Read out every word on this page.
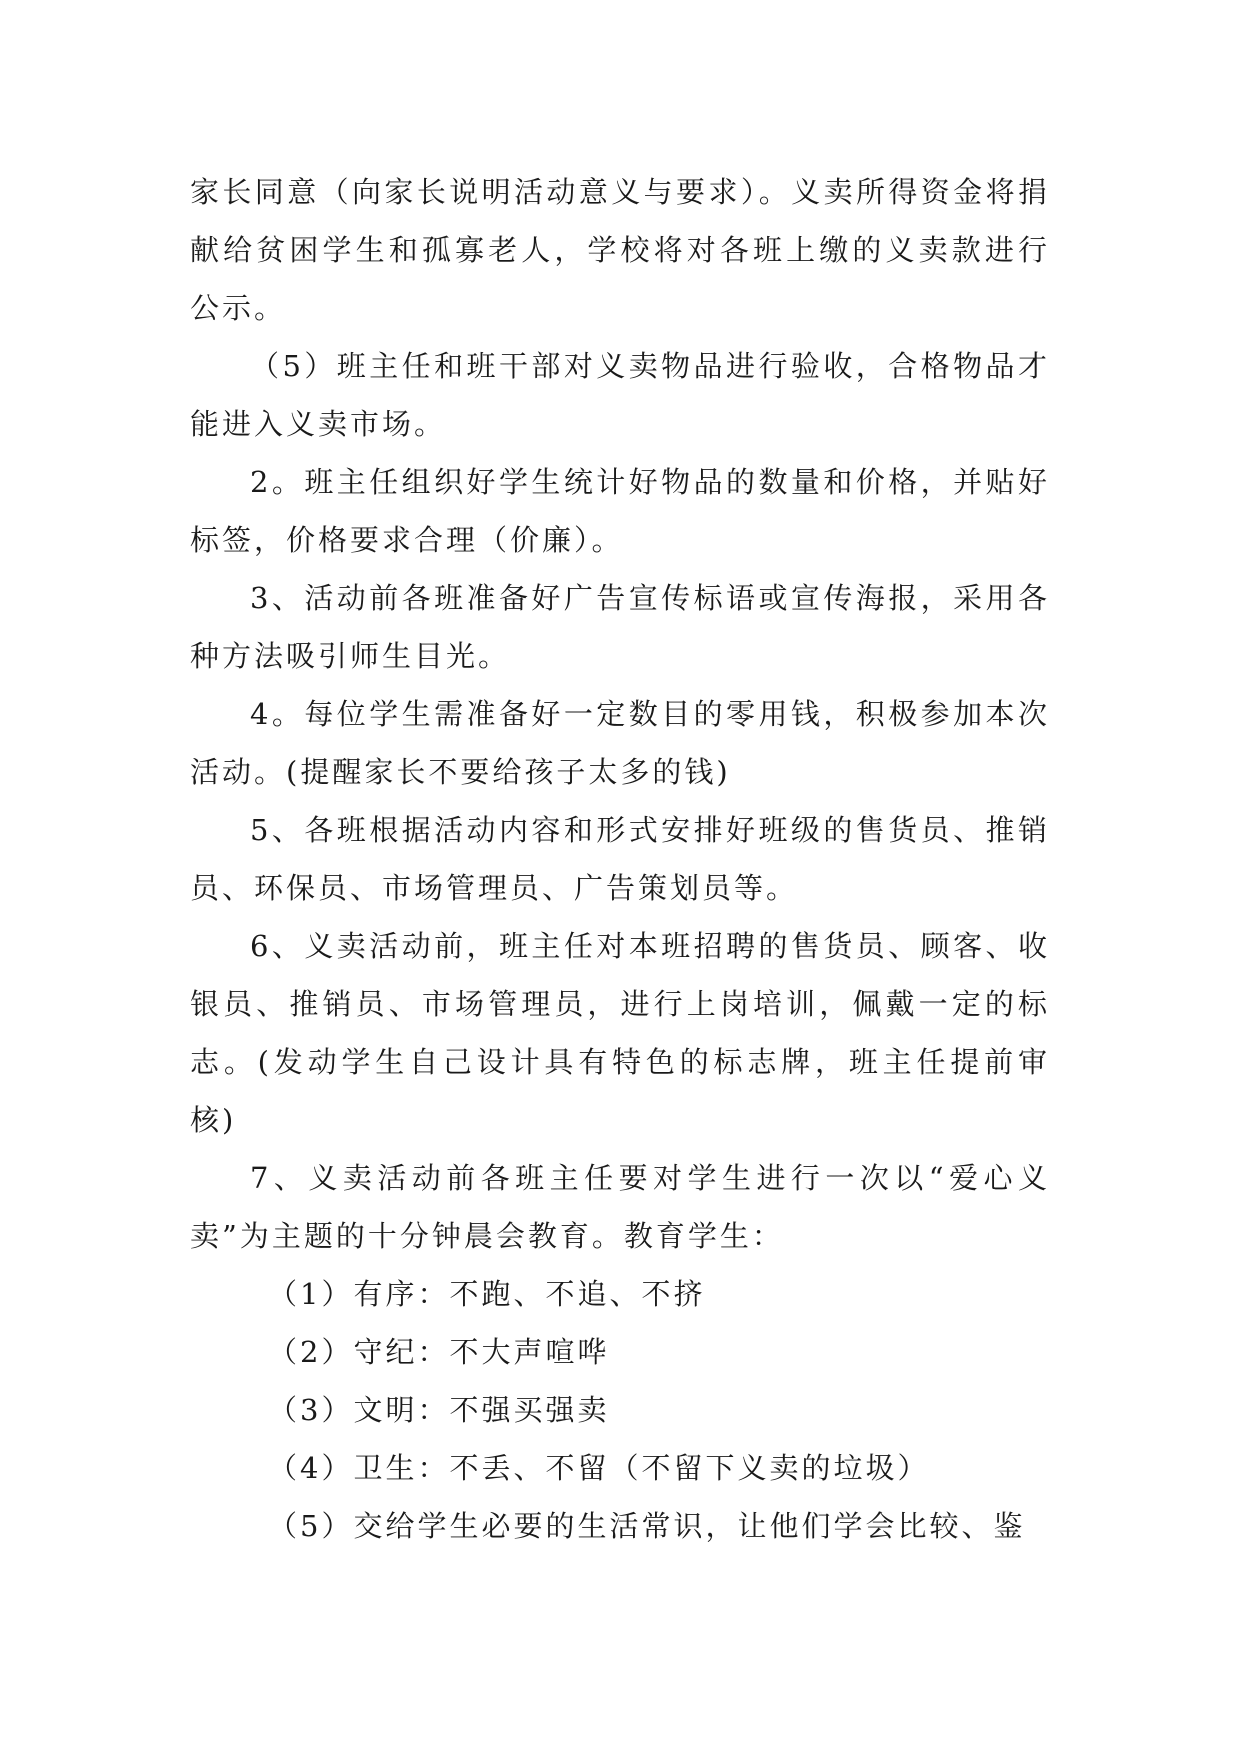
家长同意（向家长说明活动意义与要求）。义卖所得资金将捐献给贫困学生和孤寡老人，学校将对各班上缴的义卖款进行公示。

（5）班主任和班干部对义卖物品进行验收，合格物品才能进入义卖市场。

2。班主任组织好学生统计好物品的数量和价格，并贴好标签，价格要求合理（价廉）。

3、活动前各班准备好广告宣传标语或宣传海报，采用各种方法吸引师生目光。

4。每位学生需准备好一定数目的零用钱，积极参加本次活动。(提醒家长不要给孩子太多的钱)

5、各班根据活动内容和形式安排好班级的售货员、推销员、环保员、市场管理员、广告策划员等。

6、义卖活动前，班主任对本班招聘的售货员、顾客、收银员、推销员、市场管理员，进行上岗培训，佩戴一定的标志。(发动学生自己设计具有特色的标志牌，班主任提前审核)

7、义卖活动前各班主任要对学生进行一次以“爱心义卖”为主题的十分钟晨会教育。教育学生：

（1）有序：不跑、不追、不挤

（2）守纪：不大声喧哗

（3）文明：不强买强卖

（4）卫生：不丢、不留（不留下义卖的垃圾）

（5）交给学生必要的生活常识，让他们学会比较、鉴
